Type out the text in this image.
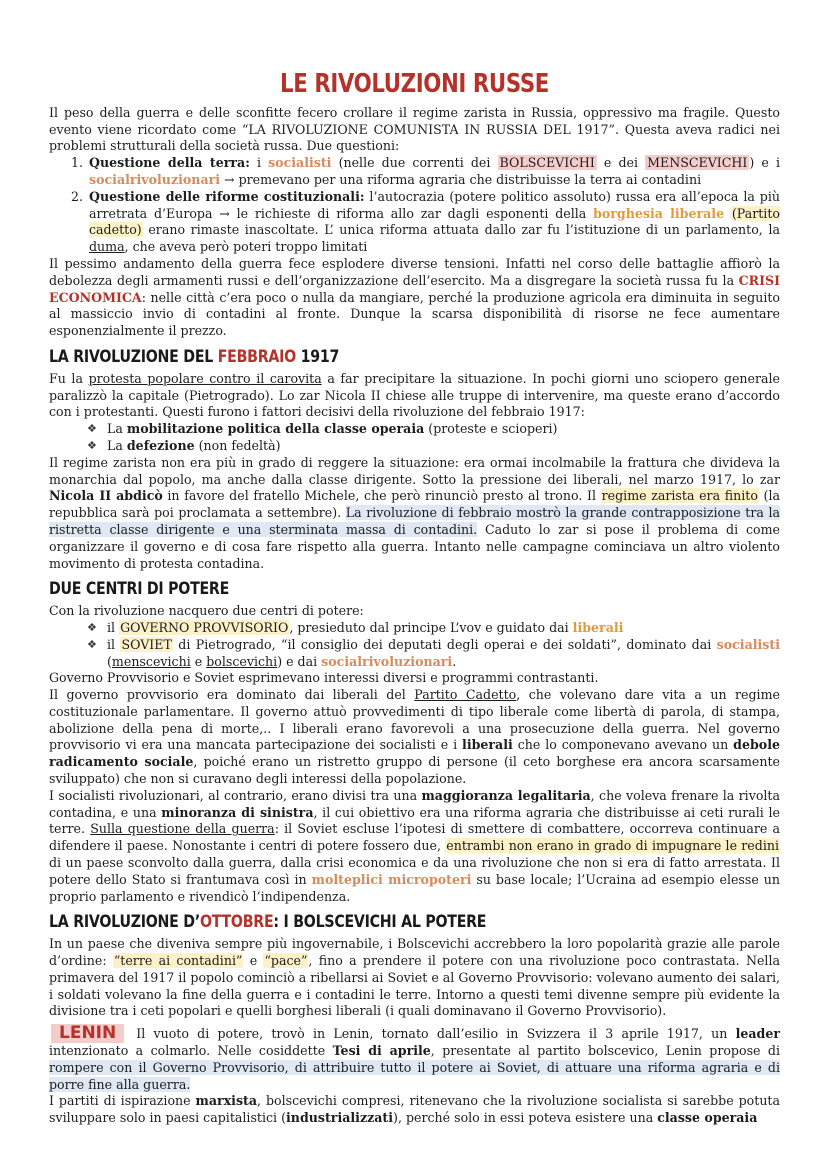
LE RIVOLUZIONI RUSSE

Il peso della guerra e delle sconfitte fecero crollare il regime zarista in Russia, oppressivo ma fragile. Questo evento viene ricordato come “LA RIVOLUZIONE COMUNISTA IN RUSSIA DEL 1917”. Questa aveva radici nei problemi strutturali della società russa. Due questioni:

1. Questione della terra: i socialisti (nelle due correnti dei BOLSCEVICHI e dei MENSCEVICHI ) e i socialrivoluzionari → premevano per una riforma agraria che distribuisse la terra ai contadini
2. Questione delle riforme costituzionali: l’autocrazia (potere politico assoluto) russa era all’epoca la più arretrata d’Europa → le richieste di riforma allo zar dagli esponenti della borghesia liberale (Partito cadetto) erano rimaste inascoltate. L’ unica riforma attuata dallo zar fu l’istituzione di un parlamento, la duma, che aveva però poteri troppo limitati

Il pessimo andamento della guerra fece esplodere diverse tensioni. Infatti nel corso delle battaglie affiorò la debolezza degli armamenti russi e dell’organizzazione dell’esercito. Ma a disgregare la società russa fu la CRISI ECONOMICA: nelle città c’era poco o nulla da mangiare, perché la produzione agricola era diminuita in seguito al massiccio invio di contadini al fronte. Dunque la scarsa disponibilità di risorse ne fece aumentare esponenzialmente il prezzo.

LA RIVOLUZIONE DEL FEBBRAIO 1917

Fu la protesta popolare contro il carovita a far precipitare la situazione. In pochi giorni uno sciopero generale paralizzò la capitale (Pietrogrado). Lo zar Nicola II chiese alle truppe di intervenire, ma queste erano d’accordo con i protestanti. Questi furono i fattori decisivi della rivoluzione del febbraio 1917:

❖ La mobilitazione politica della classe operaia (proteste e scioperi)
❖ La defezione (non fedeltà)

Il regime zarista non era più in grado di reggere la situazione: era ormai incolmabile la frattura che divideva la monarchia dal popolo, ma anche dalla classe dirigente. Sotto la pressione dei liberali, nel marzo 1917, lo zar Nicola II abdicò in favore del fratello Michele, che però rinunciò presto al trono. Il regime zarista era finito (la repubblica sarà poi proclamata a settembre). La rivoluzione di febbraio mostrò la grande contrapposizione tra la ristretta classe dirigente e una sterminata massa di contadini. Caduto lo zar si pose il problema di come organizzare il governo e di cosa fare rispetto alla guerra. Intanto nelle campagne cominciava un altro violento movimento di protesta contadina.

DUE CENTRI DI POTERE

Con la rivoluzione nacquero due centri di potere:

❖ il GOVERNO PROVVISORIO, presieduto dal principe L’vov e guidato dai liberali
❖ il SOVIET di Pietrogrado, “il consiglio dei deputati degli operai e dei soldati”, dominato dai socialisti (menscevichi e bolscevichi) e dai socialrivoluzionari.

Governo Provvisorio e Soviet esprimevano interessi diversi e programmi contrastanti.

Il governo provvisorio era dominato dai liberali del Partito Cadetto, che volevano dare vita a un regime costituzionale parlamentare. Il governo attuò provvedimenti di tipo liberale come libertà di parola, di stampa, abolizione della pena di morte,.. I liberali erano favorevoli a una prosecuzione della guerra. Nel governo provvisorio vi era una mancata partecipazione dei socialisti e i liberali che lo componevano avevano un debole radicamento sociale, poiché erano un ristretto gruppo di persone (il ceto borghese era ancora scarsamente sviluppato) che non si curavano degli interessi della popolazione.

I socialisti rivoluzionari, al contrario, erano divisi tra una maggioranza legalitaria, che voleva frenare la rivolta contadina, e una minoranza di sinistra, il cui obiettivo era una riforma agraria che distribuisse ai ceti rurali le terre. Sulla questione della guerra: il Soviet escluse l’ipotesi di smettere di combattere, occorreva continuare a difendere il paese. Nonostante i centri di potere fossero due, entrambi non erano in grado di impugnare le redini di un paese sconvolto dalla guerra, dalla crisi economica e da una rivoluzione che non si era di fatto arrestata. Il potere dello Stato si frantumava così in molteplici micropoteri su base locale; l’Ucraina ad esempio elesse un proprio parlamento e rivendicò l’indipendenza.

LA RIVOLUZIONE D’OTTOBRE: I BOLSCEVICHI AL POTERE

In un paese che diveniva sempre più ingovernabile, i Bolscevichi accrebbero la loro popolarità grazie alle parole d’ordine: “terre ai contadini” e “pace”, fino a prendere il potere con una rivoluzione poco contrastata. Nella primavera del 1917 il popolo cominciò a ribellarsi ai Soviet e al Governo Provvisorio: volevano aumento dei salari, i soldati volevano la fine della guerra e i contadini le terre. Intorno a questi temi divenne sempre più evidente la divisione tra i ceti popolari e quelli borghesi liberali (i quali dominavano il Governo Provvisorio).

LENIN Il vuoto di potere, trovò in Lenin, tornato dall’esilio in Svizzera il 3 aprile 1917, un leader intenzionato a colmarlo. Nelle cosiddette Tesi di aprile, presentate al partito bolscevico, Lenin propose di rompere con il Governo Provvisorio, di attribuire tutto il potere ai Soviet, di attuare una riforma agraria e di porre fine alla guerra.

I partiti di ispirazione marxista, bolscevichi compresi, ritenevano che la rivoluzione socialista si sarebbe potuta sviluppare solo in paesi capitalistici (industrializzati), perché solo in essi poteva esistere una classe operaia
